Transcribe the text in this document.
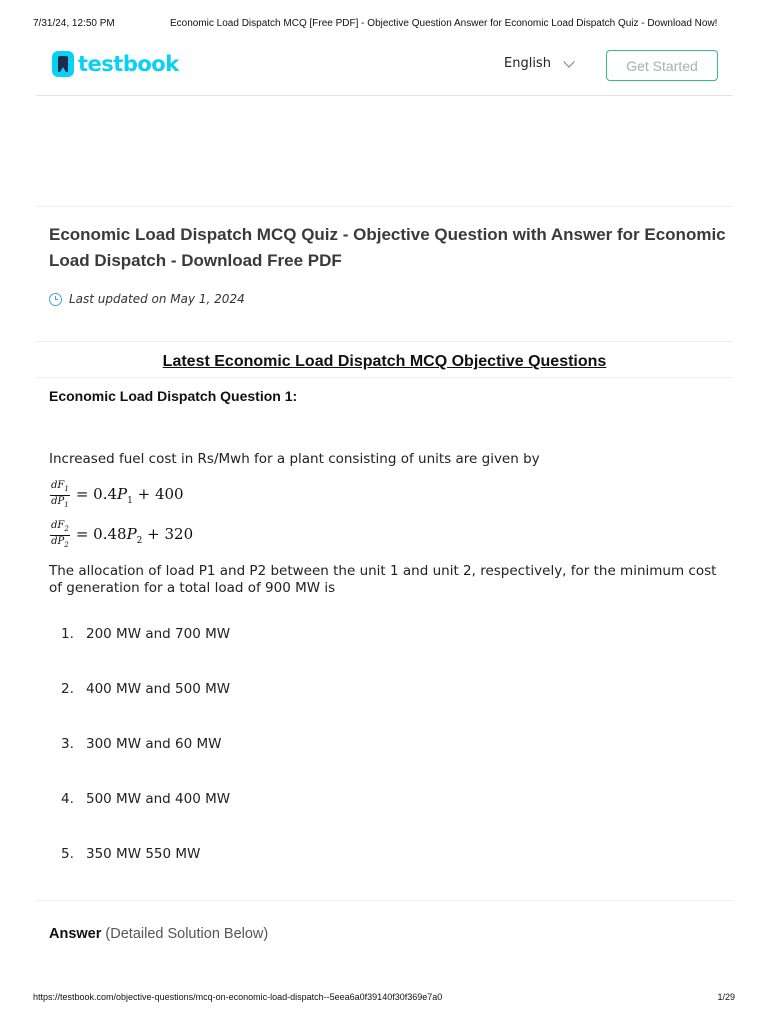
7/31/24, 12:50 PM	Economic Load Dispatch MCQ [Free PDF] - Objective Question Answer for Economic Load Dispatch Quiz - Download Now!
testbook	English	Get Started
Economic Load Dispatch MCQ Quiz - Objective Question with Answer for Economic Load Dispatch - Download Free PDF
Last updated on May 1, 2024
Latest Economic Load Dispatch MCQ Objective Questions
Economic Load Dispatch Question 1:
Increased fuel cost in Rs/Mwh for a plant consisting of units are given by
$\frac{dF_1}{dP_1} = 0.4P_1 + 400$
$\frac{dF_2}{dP_2} = 0.48P_2 + 320$
The allocation of load P1 and P2 between the unit 1 and unit 2, respectively, for the minimum cost of generation for a total load of 900 MW is
1. 200 MW and 700 MW
2. 400 MW and 500 MW
3. 300 MW and 60 MW
4. 500 MW and 400 MW
5. 350 MW 550 MW
Answer (Detailed Solution Below)
https://testbook.com/objective-questions/mcq-on-economic-load-dispatch--5eea6a0f39140f30f369e7a0	1/29
